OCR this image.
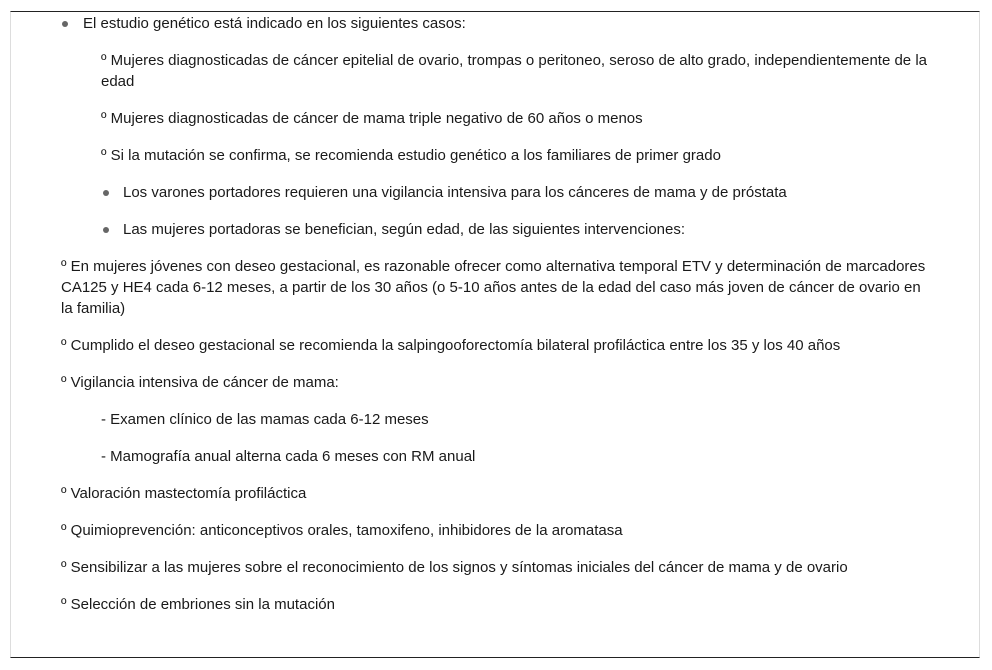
El estudio genético está indicado en los siguientes casos:
º Mujeres diagnosticadas de cáncer epitelial de ovario, trompas o peritoneo, seroso de alto grado, independientemente de la edad
º Mujeres diagnosticadas de cáncer de mama triple negativo de 60 años o menos
º Si la mutación se confirma, se recomienda estudio genético a los familiares de primer grado
Los varones portadores requieren una vigilancia intensiva para los cánceres de mama y de próstata
Las mujeres portadoras se benefician, según edad, de las siguientes intervenciones:
º En mujeres jóvenes con deseo gestacional, es razonable ofrecer como alternativa temporal ETV y determinación de marcadores CA125 y HE4 cada 6-12 meses, a partir de los 30 años (o 5-10 años antes de la edad del caso más joven de cáncer de ovario en la familia)
º Cumplido el deseo gestacional se recomienda la salpingooforectomía bilateral profiláctica entre los 35 y los 40 años
º Vigilancia intensiva de cáncer de mama:
- Examen clínico de las mamas cada 6-12 meses
- Mamografía anual alterna cada 6 meses con RM anual
º Valoración mastectomía profiláctica
º Quimioprevención: anticonceptivos orales, tamoxifeno, inhibidores de la aromatasa
º Sensibilizar a las mujeres sobre el reconocimiento de los signos y síntomas iniciales del cáncer de mama y de ovario
º Selección de embriones sin la mutación
